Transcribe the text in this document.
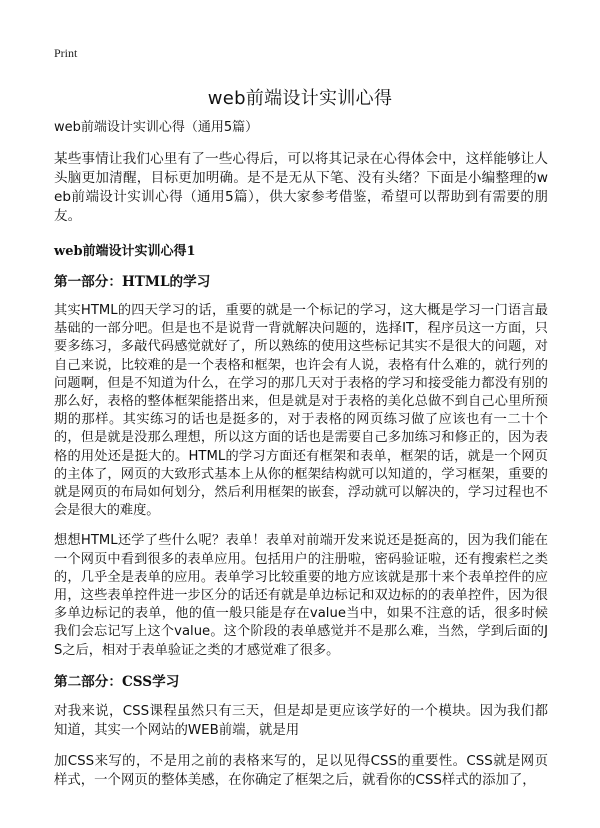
Print
web前端设计实训心得
web前端设计实训心得（通用5篇）

某些事情让我们心里有了一些心得后，可以将其记录在心得体会中，这样能够让人头脑更加清醒，目标更加明确。是不是无从下笔、没有头绪？下面是小编整理的web前端设计实训心得（通用5篇），供大家参考借鉴，希望可以帮助到有需要的朋友。

web前端设计实训心得1
第一部分：HTML的学习

其实HTML的四天学习的话，重要的就是一个标记的学习，这大概是学习一门语言最基础的一部分吧。但是也不是说背一背就解决问题的，选择IT，程序员这一方面，只要多练习，多敲代码感觉就好了，所以熟练的使用这些标记其实不是很大的问题，对自己来说，比较难的是一个表格和框架，也许会有人说，表格有什么难的，就行列的问题啊，但是不知道为什么，在学习的那几天对于表格的学习和接受能力都没有别的那么好，表格的整体框架能搭出来，但是就是对于表格的美化总做不到自己心里所预期的那样。其实练习的话也是挺多的，对于表格的网页练习做了应该也有一二十个的，但是就是没那么理想，所以这方面的话也是需要自己多加练习和修正的，因为表格的用处还是挺大的。HTML的学习方面还有框架和表单，框架的话，就是一个网页的主体了，网页的大致形式基本上从你的框架结构就可以知道的，学习框架，重要的就是网页的布局如何划分，然后利用框架的嵌套，浮动就可以解决的，学习过程也不会是很大的难度。

想想HTML还学了些什么呢？表单！表单对前端开发来说还是挺高的，因为我们能在一个网页中看到很多的表单应用。包括用户的注册啦，密码验证啦，还有搜索栏之类的，几乎全是表单的应用。表单学习比较重要的地方应该就是那十来个表单控件的应用，这些表单控件进一步区分的话还有就是单边标记和双边标的的表单控件，因为很多单边标记的表单，他的值一般只能是存在value当中，如果不注意的话，很多时候我们会忘记写上这个value。这个阶段的表单感觉并不是那么难，当然，学到后面的JS之后，相对于表单验证之类的才感觉难了很多。

第二部分：CSS学习

对我来说，CSS课程虽然只有三天，但是却是更应该学好的一个模块。因为我们都知道，其实一个网站的WEB前端，就是用

加CSS来写的，不是用之前的表格来写的，足以见得CSS的重要性。CSS就是网页样式，一个网页的整体美感，在你确定了框架之后，就看你的CSS样式的添加了，
